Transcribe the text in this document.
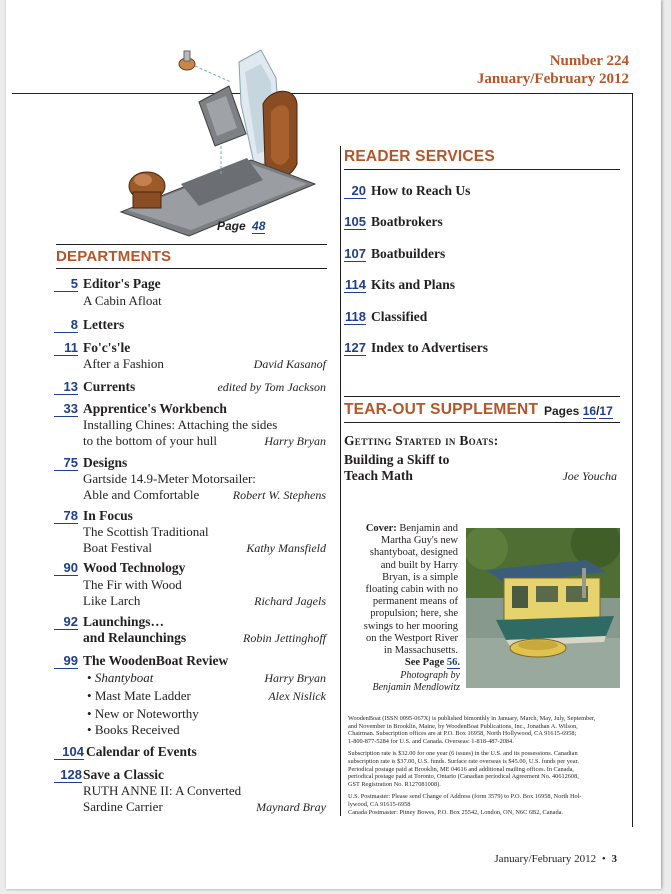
Number 224
January/February 2012
Page 48
DEPARTMENTS
5 Editor's Page
A Cabin Afloat
8 Letters
11 Fo'c's'le
After a Fashion	David Kasanof
13 Currents	edited by Tom Jackson
33 Apprentice's Workbench
Installing Chines: Attaching the sides
to the bottom of your hull	Harry Bryan
75 Designs
Gartside 14.9-Meter Motorsailer:
Able and Comfortable	Robert W. Stephens
78 In Focus
The Scottish Traditional
Boat Festival	Kathy Mansfield
90 Wood Technology
The Fir with Wood
Like Larch	Richard Jagels
92 Launchings…
and Relaunchings	Robin Jettinghoff
99 The WoodenBoat Review
• Shantyboat	Harry Bryan
• Mast Mate Ladder	Alex Nislick
• New or Noteworthy
• Books Received
104 Calendar of Events
128 Save a Classic
RUTH ANNE II: A Converted
Sardine Carrier	Maynard Bray
READER SERVICES
20 How to Reach Us
105 Boatbrokers
107 Boatbuilders
114 Kits and Plans
118 Classified
127 Index to Advertisers
TEAR-OUT SUPPLEMENT Pages 16/17
Getting Started in Boats:
Building a Skiff to
Teach Math	Joe Youcha
Cover: Benjamin and
Martha Guy's new
shantyboat, designed
and built by Harry
Bryan, is a simple
floating cabin with no
permanent means of
propulsion; here, she
swings to her mooring
on the Westport River
in Massachusetts.
See Page 56.
Photograph by
Benjamin Mendlowitz
WoodenBoat (ISSN 0095-067X) is published bimonthly in January, March, May, July, September,
and November in Brooklin, Maine, by WoodenBoat Publications, Inc., Jonathan A. Wilson,
Chairman. Subscription offices are at P.O. Box 16958, North Hollywood, CA 91615-6958;
1-800-877-5284 for U.S. and Canada. Overseas: 1-818-487-2084.
Subscription rate is $32.00 for one year (6 issues) in the U.S. and its possessions. Canadian
subscription rate is $37.00, U.S. funds. Surface rate overseas is $45.00, U.S. funds per year.
Periodical postage paid at Brooklin, ME 04616 and additional mailing offices. In Canada,
periodical postage paid at Toronto, Ontario (Canadian periodical Agreement No. 40612608,
GST Registration No. R127081008).
U.S. Postmaster: Please send Change of Address (form 3579) to P.O. Box 16958, North Hol-
lywood, CA 91615-6958
Canada Postmaster: Pitney Bowes, P.O. Box 25542, London, ON, N6C 6B2, Canada.
January/February 2012 • 3
